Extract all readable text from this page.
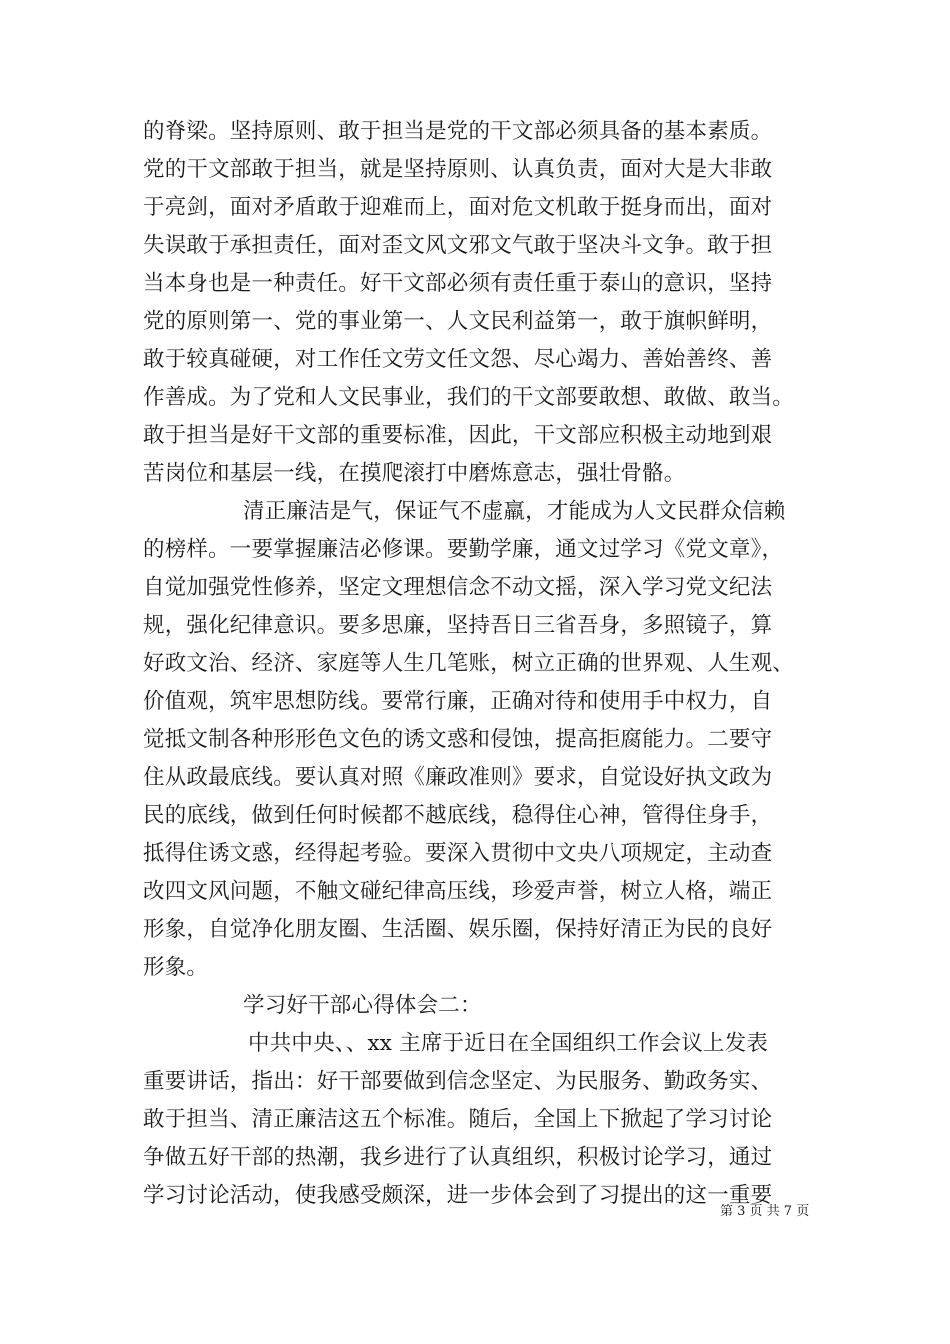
的脊梁。坚持原则、敢于担当是党的干文部必须具备的基本素质。
党的干文部敢于担当，就是坚持原则、认真负责，面对大是大非敢
于亮剑，面对矛盾敢于迎难而上，面对危文机敢于挺身而出，面对
失误敢于承担责任，面对歪文风文邪文气敢于坚决斗文争。敢于担
当本身也是一种责任。好干文部必须有责任重于泰山的意识，坚持
党的原则第一、党的事业第一、人文民利益第一，敢于旗帜鲜明，
敢于较真碰硬，对工作任文劳文任文怨、尽心竭力、善始善终、善
作善成。为了党和人文民事业，我们的干文部要敢想、敢做、敢当。
敢于担当是好干文部的重要标准，因此，干文部应积极主动地到艰
苦岗位和基层一线，在摸爬滚打中磨炼意志，强壮骨骼。
清正廉洁是气，保证气不虚羸，才能成为人文民群众信赖
的榜样。一要掌握廉洁必修课。要勤学廉，通文过学习《党文章》，
自觉加强党性修养，坚定文理想信念不动文摇，深入学习党文纪法
规，强化纪律意识。要多思廉，坚持吾日三省吾身，多照镜子，算
好政文治、经济、家庭等人生几笔账，树立正确的世界观、人生观、
价值观，筑牢思想防线。要常行廉，正确对待和使用手中权力，自
觉抵文制各种形形色文色的诱文惑和侵蚀，提高拒腐能力。二要守
住从政最底线。要认真对照《廉政准则》要求，自觉设好执文政为
民的底线，做到任何时候都不越底线，稳得住心神，管得住身手，
抵得住诱文惑，经得起考验。要深入贯彻中文央八项规定，主动查
改四文风问题，不触文碰纪律高压线，珍爱声誉，树立人格，端正
形象，自觉净化朋友圈、生活圈、娱乐圈，保持好清正为民的良好
形象。
学习好干部心得体会二：
中共中央、、xx 主席于近日在全国组织工作会议上发表
重要讲话，指出：好干部要做到信念坚定、为民服务、勤政务实、
敢于担当、清正廉洁这五个标准。随后，全国上下掀起了学习讨论
争做五好干部的热潮，我乡进行了认真组织，积极讨论学习，通过
学习讨论活动，使我感受颇深，进一步体会到了习提出的这一重要
第 3 页 共 7 页
